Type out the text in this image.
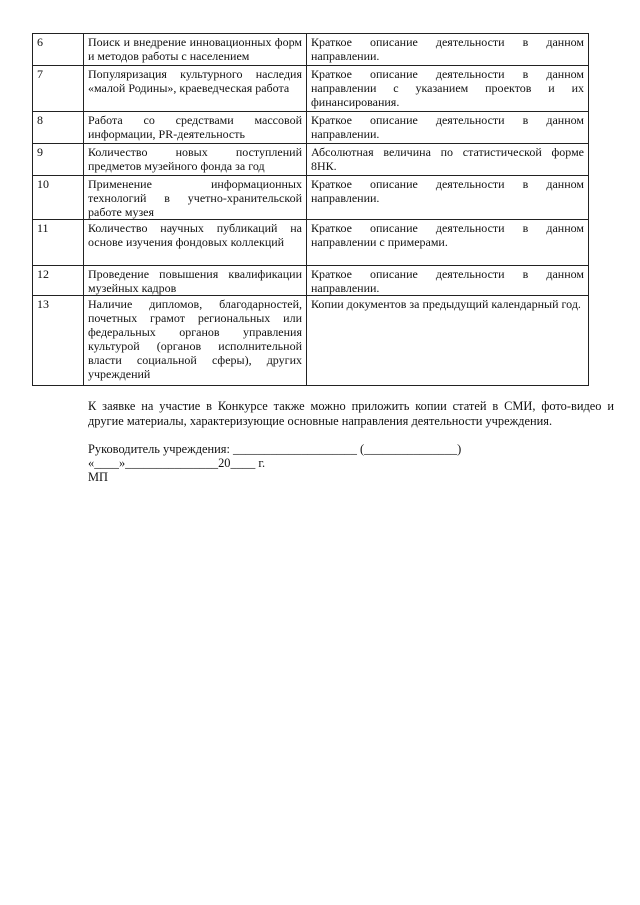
6	Поиск и внедрение инновационных форм и методов работы с населением	Краткое описание деятельности в данном направлении.
7	Популяризация культурного наследия «малой Родины», краеведческая работа	Краткое описание деятельности в данном направлении с указанием проектов и их финансирования.
8	Работа со средствами массовой информации, PR-деятельность	Краткое описание деятельности в данном направлении.
9	Количество новых поступлений предметов музейного фонда за год	Абсолютная величина по статистической форме 8НК.
10	Применение информационных технологий в учетно-хранительской работе музея	Краткое описание деятельности в данном направлении.
11	Количество научных публикаций на основе изучения фондовых коллекций	Краткое описание деятельности в данном направлении с примерами.
12	Проведение повышения квалификации музейных кадров	Краткое описание деятельности в данном направлении.
13	Наличие дипломов, благодарностей, почетных грамот региональных или федеральных органов управления культурой (органов исполнительной власти социальной сферы), других учреждений	Копии документов за предыдущий календарный год.
К заявке на участие в Конкурсе также можно приложить копии статей в СМИ, фото-видео и
другие материалы, характеризующие основные направления деятельности учреждения.
Руководитель учреждения: ____________________ (_______________)
«____»_______________20____ г.
МП
